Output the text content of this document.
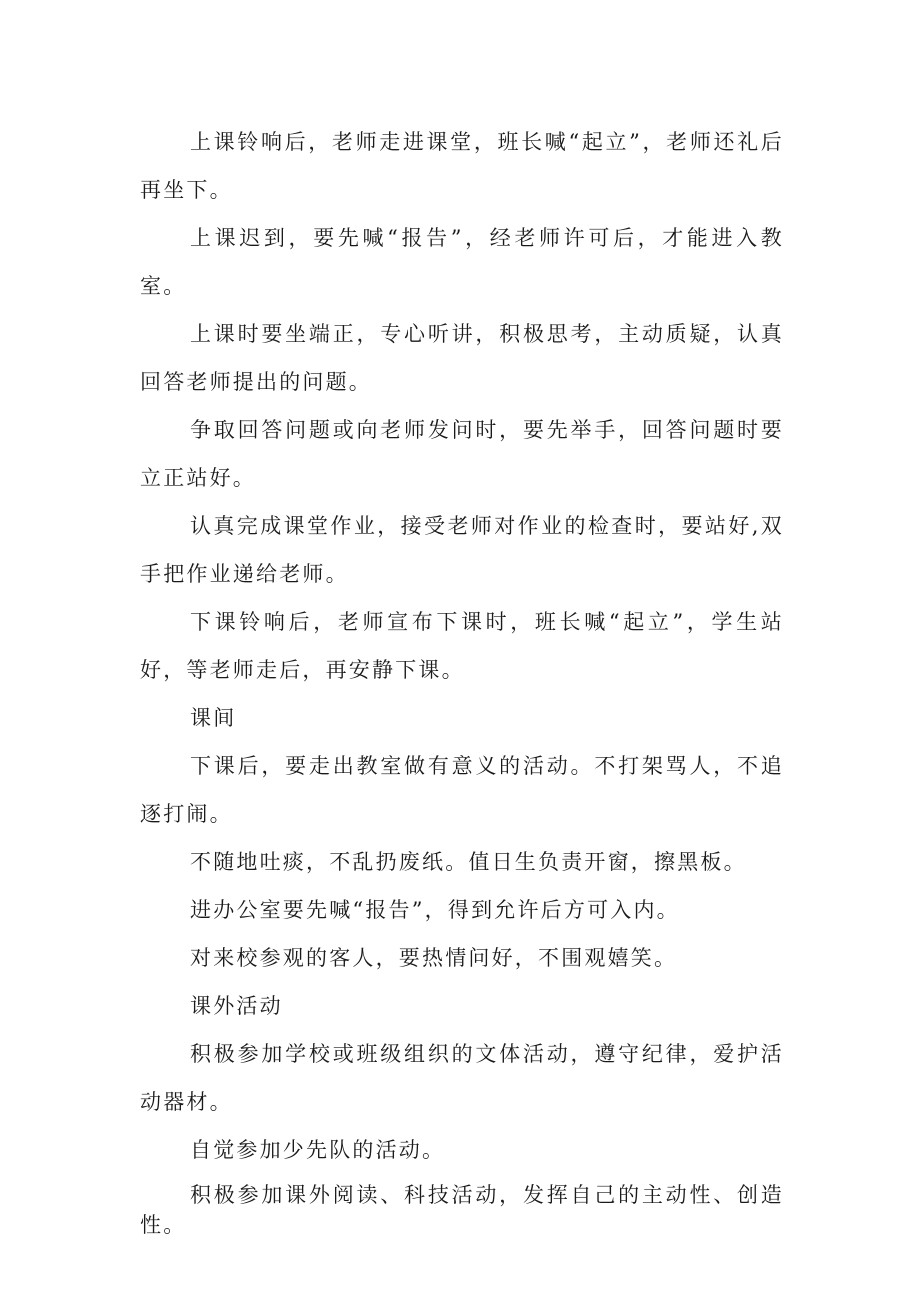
上课铃响后，老师走进课堂，班长喊“起立”，老师还礼后再坐下。

上课迟到，要先喊“报告”，经老师许可后，才能进入教室。

上课时要坐端正，专心听讲，积极思考，主动质疑，认真回答老师提出的问题。

争取回答问题或向老师发问时，要先举手，回答问题时要立正站好。

认真完成课堂作业，接受老师对作业的检查时，要站好,双手把作业递给老师。

下课铃响后，老师宣布下课时，班长喊“起立”，学生站好，等老师走后，再安静下课。

课间

下课后，要走出教室做有意义的活动。不打架骂人，不追逐打闹。

不随地吐痰，不乱扔废纸。值日生负责开窗，擦黑板。

进办公室要先喊“报告”，得到允许后方可入内。

对来校参观的客人，要热情问好，不围观嬉笑。

课外活动

积极参加学校或班级组织的文体活动，遵守纪律，爱护活动器材。

自觉参加少先队的活动。

积极参加课外阅读、科技活动，发挥自己的主动性、创造性。
